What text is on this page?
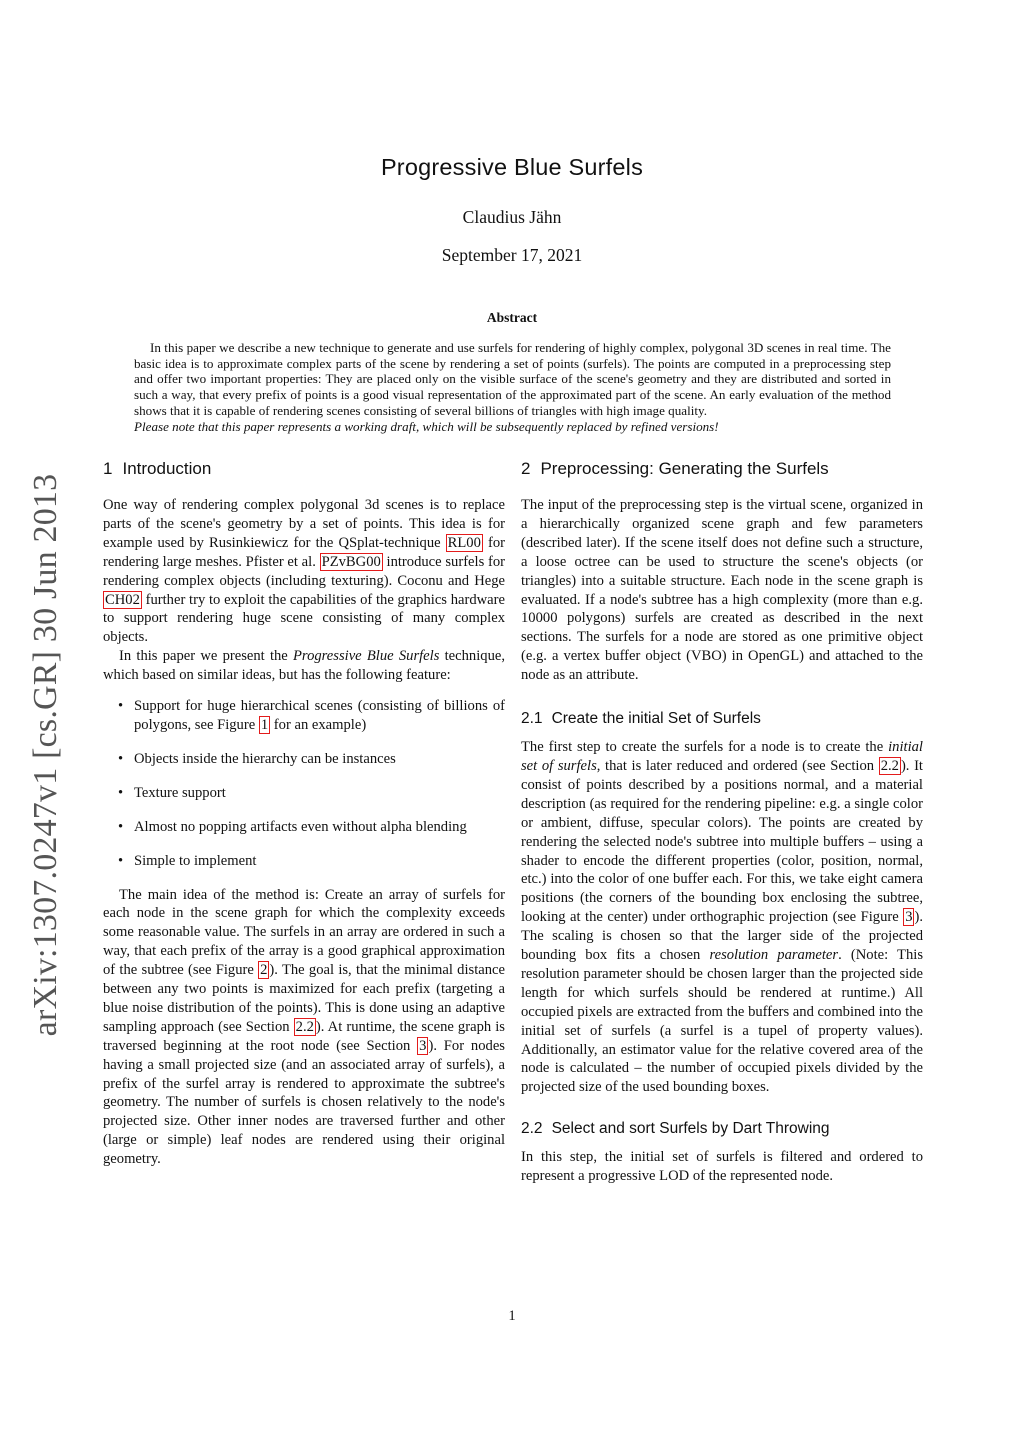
arXiv:1307.0247v1 [cs.GR] 30 Jun 2013
Progressive Blue Surfels
Claudius Jähn
September 17, 2021
Abstract
In this paper we describe a new technique to generate and use surfels for rendering of highly complex, polygonal 3D scenes in real time. The basic idea is to approximate complex parts of the scene by rendering a set of points (surfels). The points are computed in a preprocessing step and offer two important properties: They are placed only on the visible surface of the scene's geometry and they are distributed and sorted in such a way, that every prefix of points is a good visual representation of the approximated part of the scene. An early evaluation of the method shows that it is capable of rendering scenes consisting of several billions of triangles with high image quality.
Please note that this paper represents a working draft, which will be subsequently replaced by refined versions!
1 Introduction

One way of rendering complex polygonal 3d scenes is to replace parts of the scene's geometry by a set of points. This idea is for example used by Rusinkiewicz for the QSplat-technique RL00 for rendering large meshes. Pfister et al. PZvBG00 introduce surfels for rendering complex objects (including texturing). Coconu and Hege CH02 further try to exploit the capabilities of the graphics hardware to support rendering huge scene consisting of many complex objects.

In this paper we present the Progressive Blue Surfels technique, which based on similar ideas, but has the following feature:

• Support for huge hierarchical scenes (consisting of billions of polygons, see Figure 1 for an example)
• Objects inside the hierarchy can be instances
• Texture support
• Almost no popping artifacts even without alpha blending
• Simple to implement

The main idea of the method is: Create an array of surfels for each node in the scene graph for which the complexity exceeds some reasonable value. The surfels in an array are ordered in such a way, that each prefix of the array is a good graphical approximation of the subtree (see Figure 2 ). The goal is, that the minimal distance between any two points is maximized for each prefix (targeting a blue noise distribution of the points). This is done using an adaptive sampling approach (see Section 2.2 ). At runtime, the scene graph is traversed beginning at the root node (see Section 3 ). For nodes having a small projected size (and an associated array of surfels), a prefix of the surfel array is rendered to approximate the subtree's geometry. The number of surfels is chosen relatively to the node's projected size. Other inner nodes are traversed further and other (large or simple) leaf nodes are rendered using their original geometry.

2 Preprocessing: Generating the Surfels

The input of the preprocessing step is the virtual scene, organized in a hierarchically organized scene graph and few parameters (described later). If the scene itself does not define such a structure, a loose octree can be used to structure the scene's objects (or triangles) into a suitable structure. Each node in the scene graph is evaluated. If a node's subtree has a high complexity (more than e.g. 10000 polygons) surfels are created as described in the next sections. The surfels for a node are stored as one primitive object (e.g. a vertex buffer object (VBO) in OpenGL) and attached to the node as an attribute.

2.1 Create the initial Set of Surfels

The first step to create the surfels for a node is to create the initial set of surfels, that is later reduced and ordered (see Section 2.2 ). It consist of points described by a positions normal, and a material description (as required for the rendering pipeline: e.g. a single color or ambient, diffuse, specular colors). The points are created by rendering the selected node's subtree into multiple buffers – using a shader to encode the different properties (color, position, normal, etc.) into the color of one buffer each. For this, we take eight camera positions (the corners of the bounding box enclosing the subtree, looking at the center) under orthographic projection (see Figure 3 ). The scaling is chosen so that the larger side of the projected bounding box fits a chosen resolution parameter. (Note: This resolution parameter should be chosen larger than the projected side length for which surfels should be rendered at runtime.) All occupied pixels are extracted from the buffers and combined into the initial set of surfels (a surfel is a tupel of property values). Additionally, an estimator value for the relative covered area of the node is calculated – the number of occupied pixels divided by the projected size of the used bounding boxes.

2.2 Select and sort Surfels by Dart Throwing

In this step, the initial set of surfels is filtered and ordered to represent a progressive LOD of the represented node.

1
